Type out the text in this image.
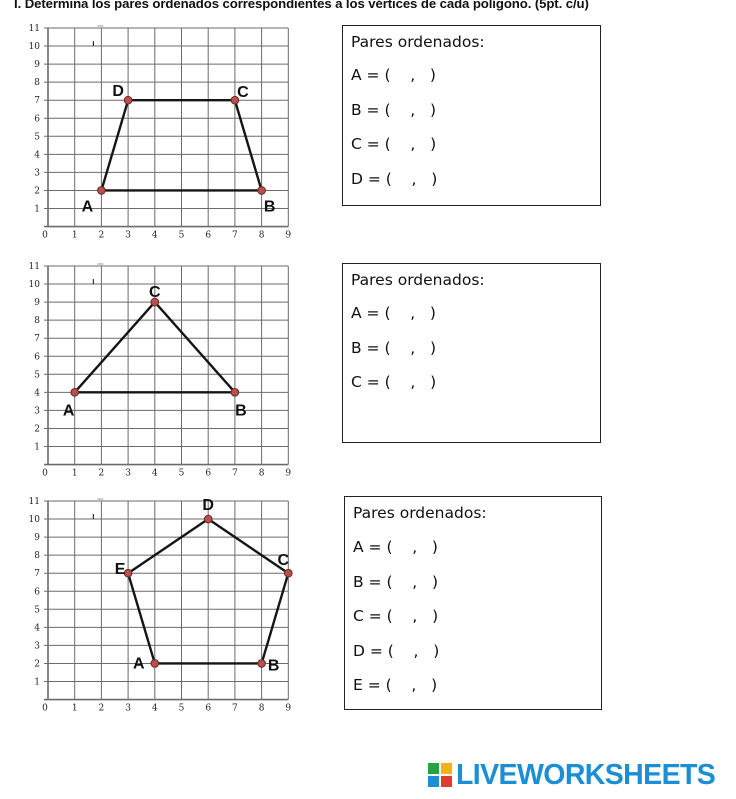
I. Determina los pares ordenados correspondientes a los vértices de cada polígono. (5pt. c/u)
1
2
3
4
5
6
7
8
9
10
11
0	1 2 3 4 5 6 7 8 9
A	B
C
D
Pares ordenados:
A = (    ,   )
B = (    ,   )
C = (    ,   )
D = (    ,   )
1
2
3
4
5
6
7
8
9
10
11
0	1 2 3 4 5 6 7 8 9
A	B
C
Pares ordenados:
A = (    ,   )
B = (    ,   )
C = (    ,   )
1
2
3
4
5
6
7
8
9
10
11
0	1 2 3 4 5 6 7 8 9
A	B
C
D
E
Pares ordenados:
A = (    ,   )
B = (    ,   )
C = (    ,   )
D = (    ,   )
E = (    ,   )
LIVEWORKSHEETS
